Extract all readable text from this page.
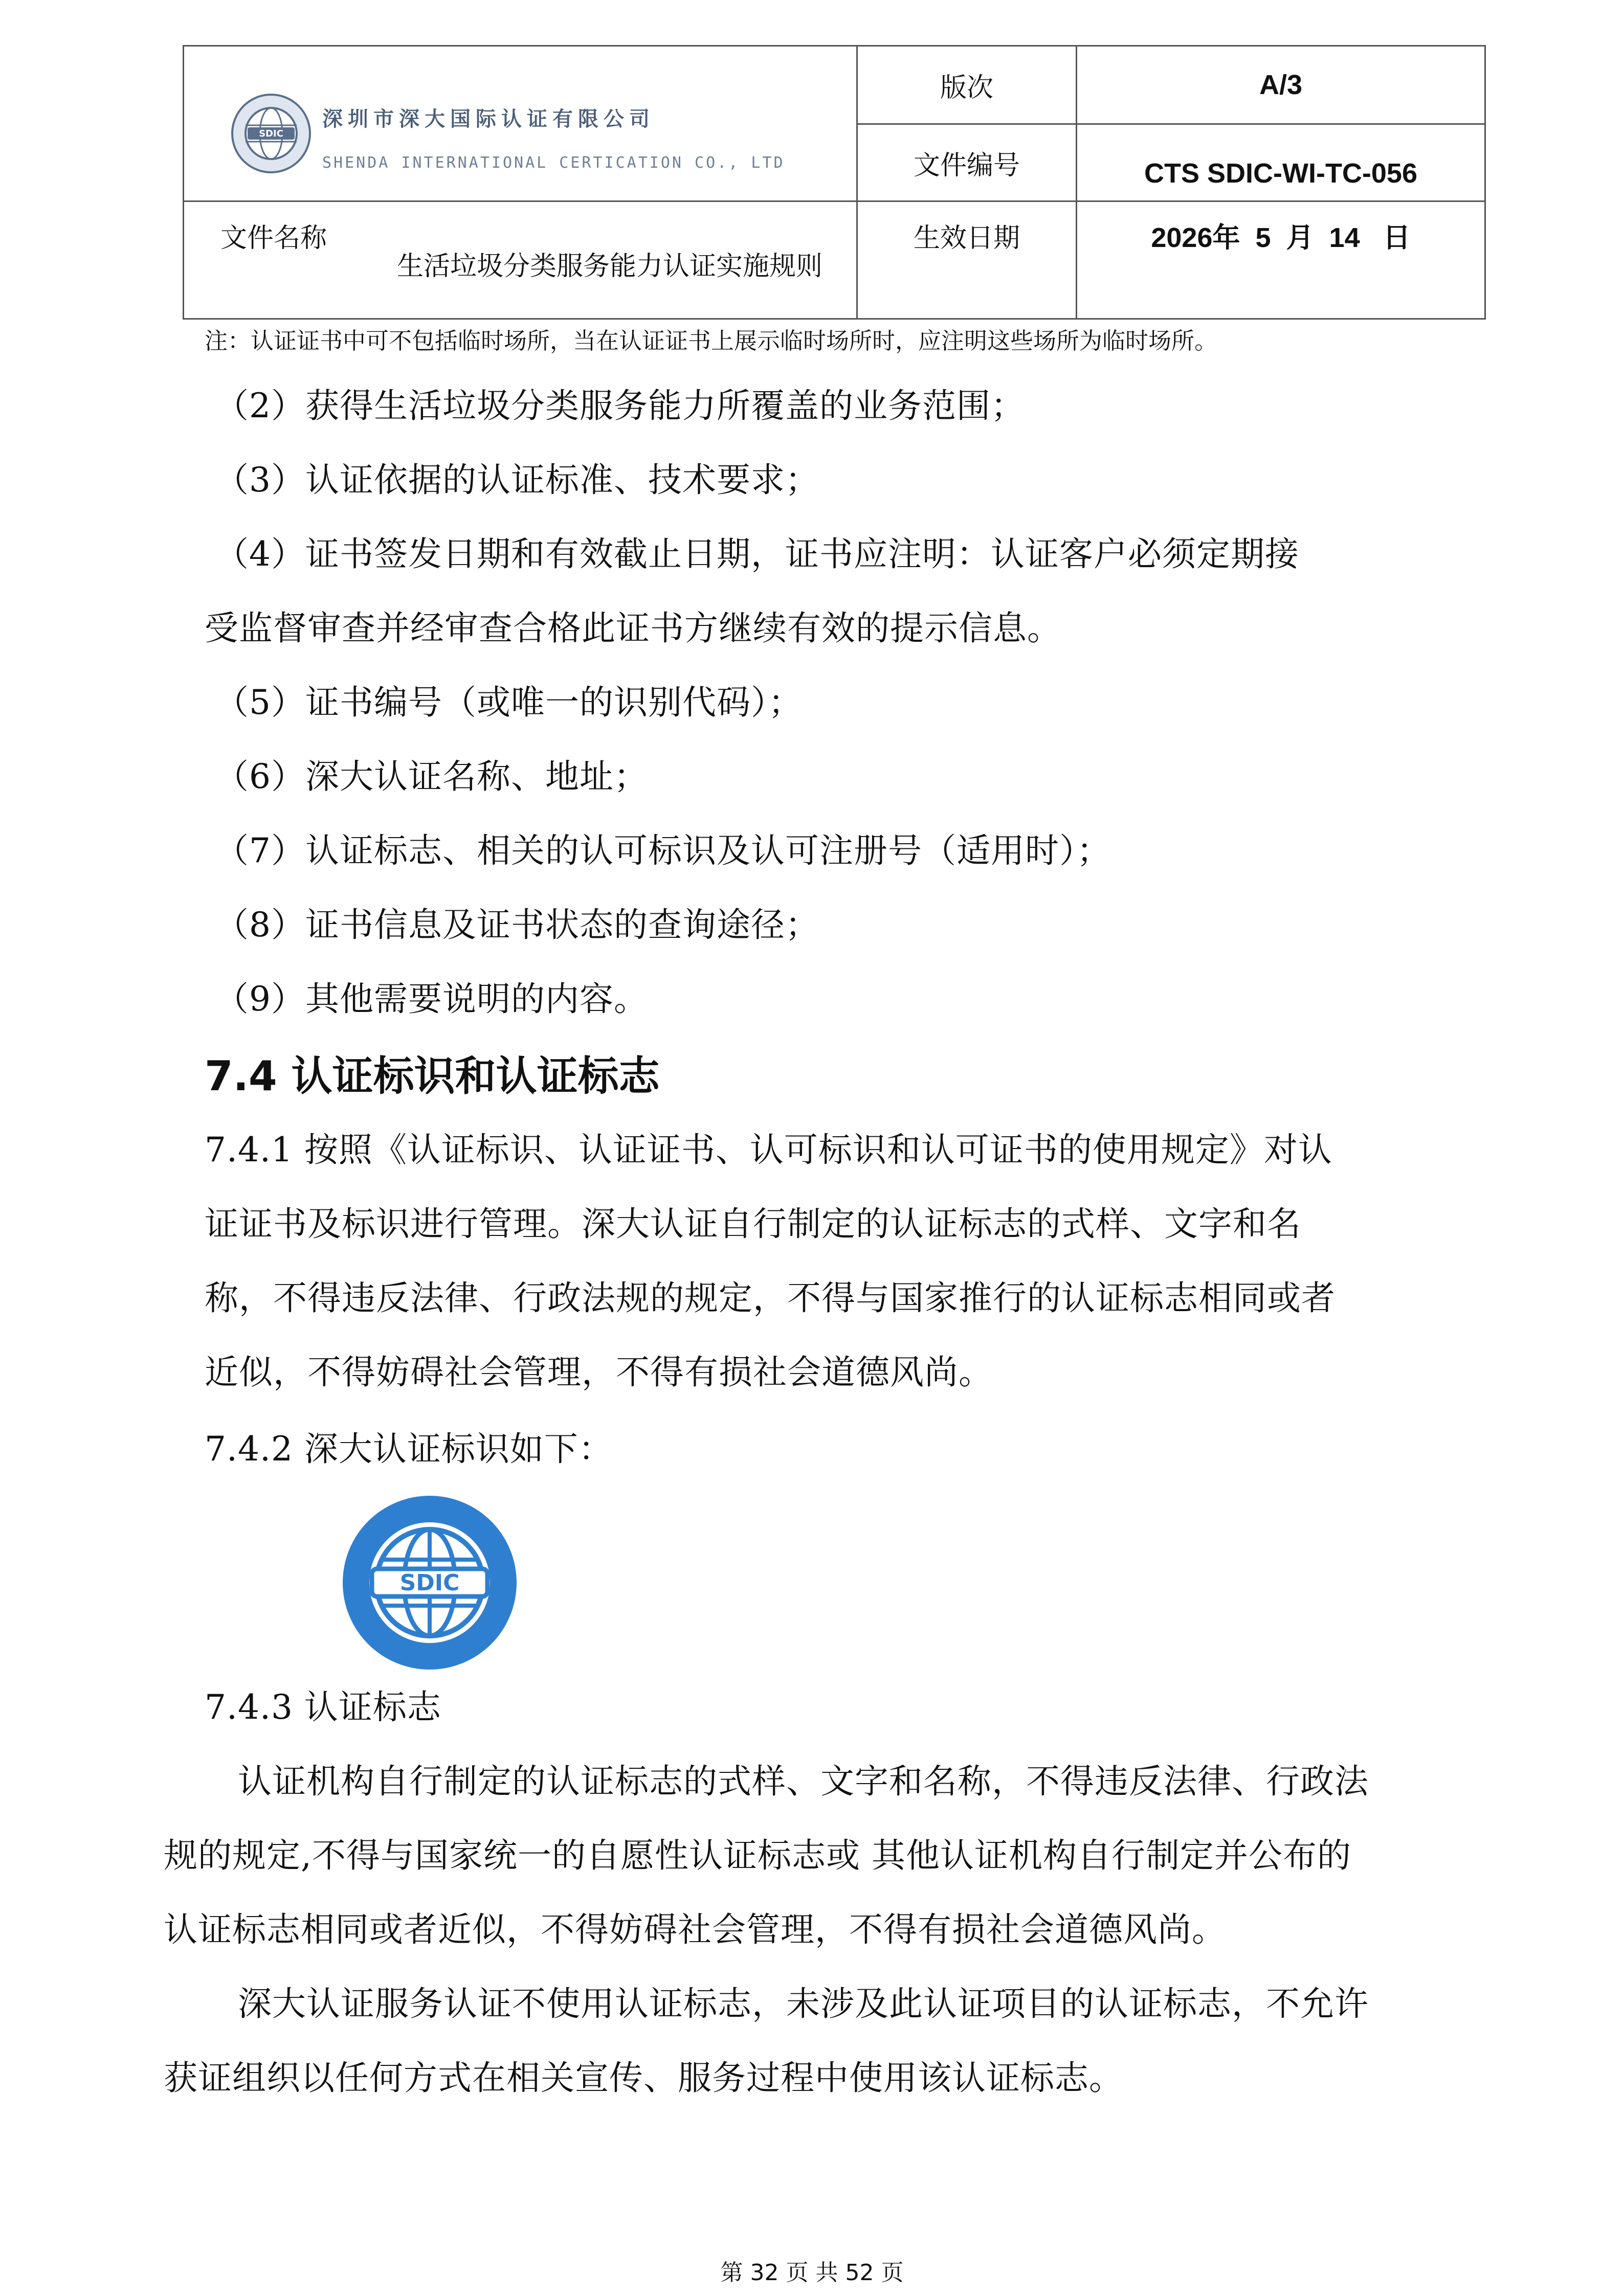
SDIC
深圳市深大国际认证有限公司
SHENDA INTERNATIONAL CERTICATION CO., LTD
版次	A/3
文件编号	CTS SDIC-WI-TC-056
文件名称
生活垃圾分类服务能力认证实施规则
生效日期	2026年  5  月  14   日
注：认证证书中可不包括临时场所，当在认证证书上展示临时场所时，应注明这些场所为临时场所。
（2）获得生活垃圾分类服务能力所覆盖的业务范围；
（3）认证依据的认证标准、技术要求；
（4）证书签发日期和有效截止日期，证书应注明：认证客户必须定期接
受监督审查并经审查合格此证书方继续有效的提示信息。
（5）证书编号（或唯一的识别代码）；
（6）深大认证名称、地址；
（7）认证标志、相关的认可标识及认可注册号（适用时）；
（8）证书信息及证书状态的查询途径；
（9）其他需要说明的内容。
7.4 认证标识和认证标志
7.4.1 按照《认证标识、认证证书、认可标识和认可证书的使用规定》对认
证证书及标识进行管理。深大认证自行制定的认证标志的式样、文字和名
称，不得违反法律、行政法规的规定，不得与国家推行的认证标志相同或者
近似，不得妨碍社会管理，不得有损社会道德风尚。
7.4.2 深大认证标识如下：
SDIC
7.4.3 认证标志
认证机构自行制定的认证标志的式样、文字和名称，不得违反法律、行政法
规的规定,不得与国家统一的自愿性认证标志或 其他认证机构自行制定并公布的
认证标志相同或者近似，不得妨碍社会管理，不得有损社会道德风尚。
深大认证服务认证不使用认证标志，未涉及此认证项目的认证标志，不允许
获证组织以任何方式在相关宣传、服务过程中使用该认证标志。
第 32 页 共 52 页
